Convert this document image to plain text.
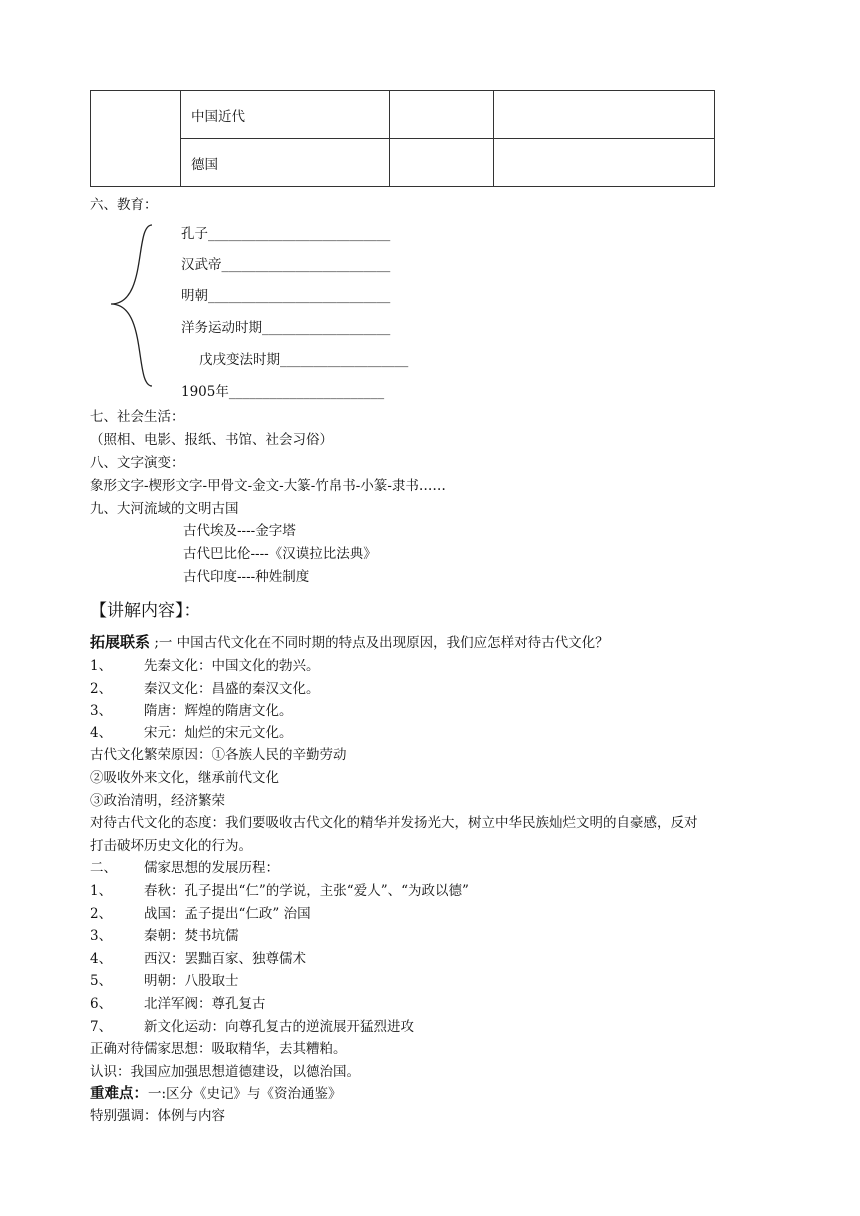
	中国近代		
	德国		
六、教育：
孔子___________________________
汉武帝_________________________
明朝___________________________
洋务运动时期___________________
戊戌变法时期___________________
1905年_______________________
七、社会生活：
（照相、电影、报纸、书馆、社会习俗）
八、文字演变：
象形文字-楔形文字-甲骨文-金文-大篆-竹帛书-小篆-隶书……
九、大河流域的文明古国
古代埃及----金字塔
古代巴比伦----《汉谟拉比法典》
古代印度----种姓制度
【讲解内容】：
拓展联系 ;一 中国古代文化在不同时期的特点及出现原因，我们应怎样对待古代文化？
1、 先秦文化：中国文化的勃兴。
2、 秦汉文化：昌盛的秦汉文化。
3、 隋唐：辉煌的隋唐文化。
4、 宋元：灿烂的宋元文化。
古代文化繁荣原因：①各族人民的辛勤劳动
②吸收外来文化，继承前代文化
③政治清明，经济繁荣
对待古代文化的态度：我们要吸收古代文化的精华并发扬光大，树立中华民族灿烂文明的自豪感，反对
打击破坏历史文化的行为。
二、 儒家思想的发展历程：
1、 春秋：孔子提出“仁”的学说，主张“爱人”、“为政以德”
2、 战国：孟子提出“仁政” 治国
3、 秦朝：焚书坑儒
4、 西汉：罢黜百家、独尊儒术
5、 明朝：八股取士
6、 北洋军阀：尊孔复古
7、 新文化运动：向尊孔复古的逆流展开猛烈进攻
正确对待儒家思想：吸取精华，去其糟粕。
认识：我国应加强思想道德建设，以德治国。
重难点：一:区分《史记》与《资治通鉴》
特别强调：体例与内容
